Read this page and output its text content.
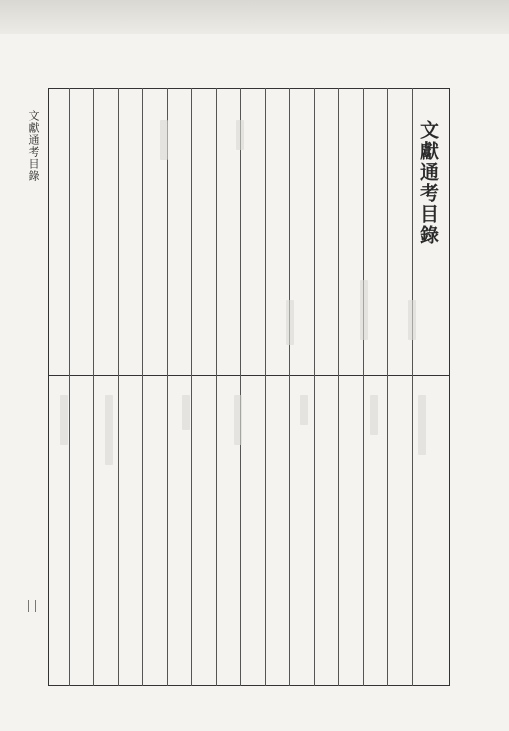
文獻通考目錄	文獻通考目錄
